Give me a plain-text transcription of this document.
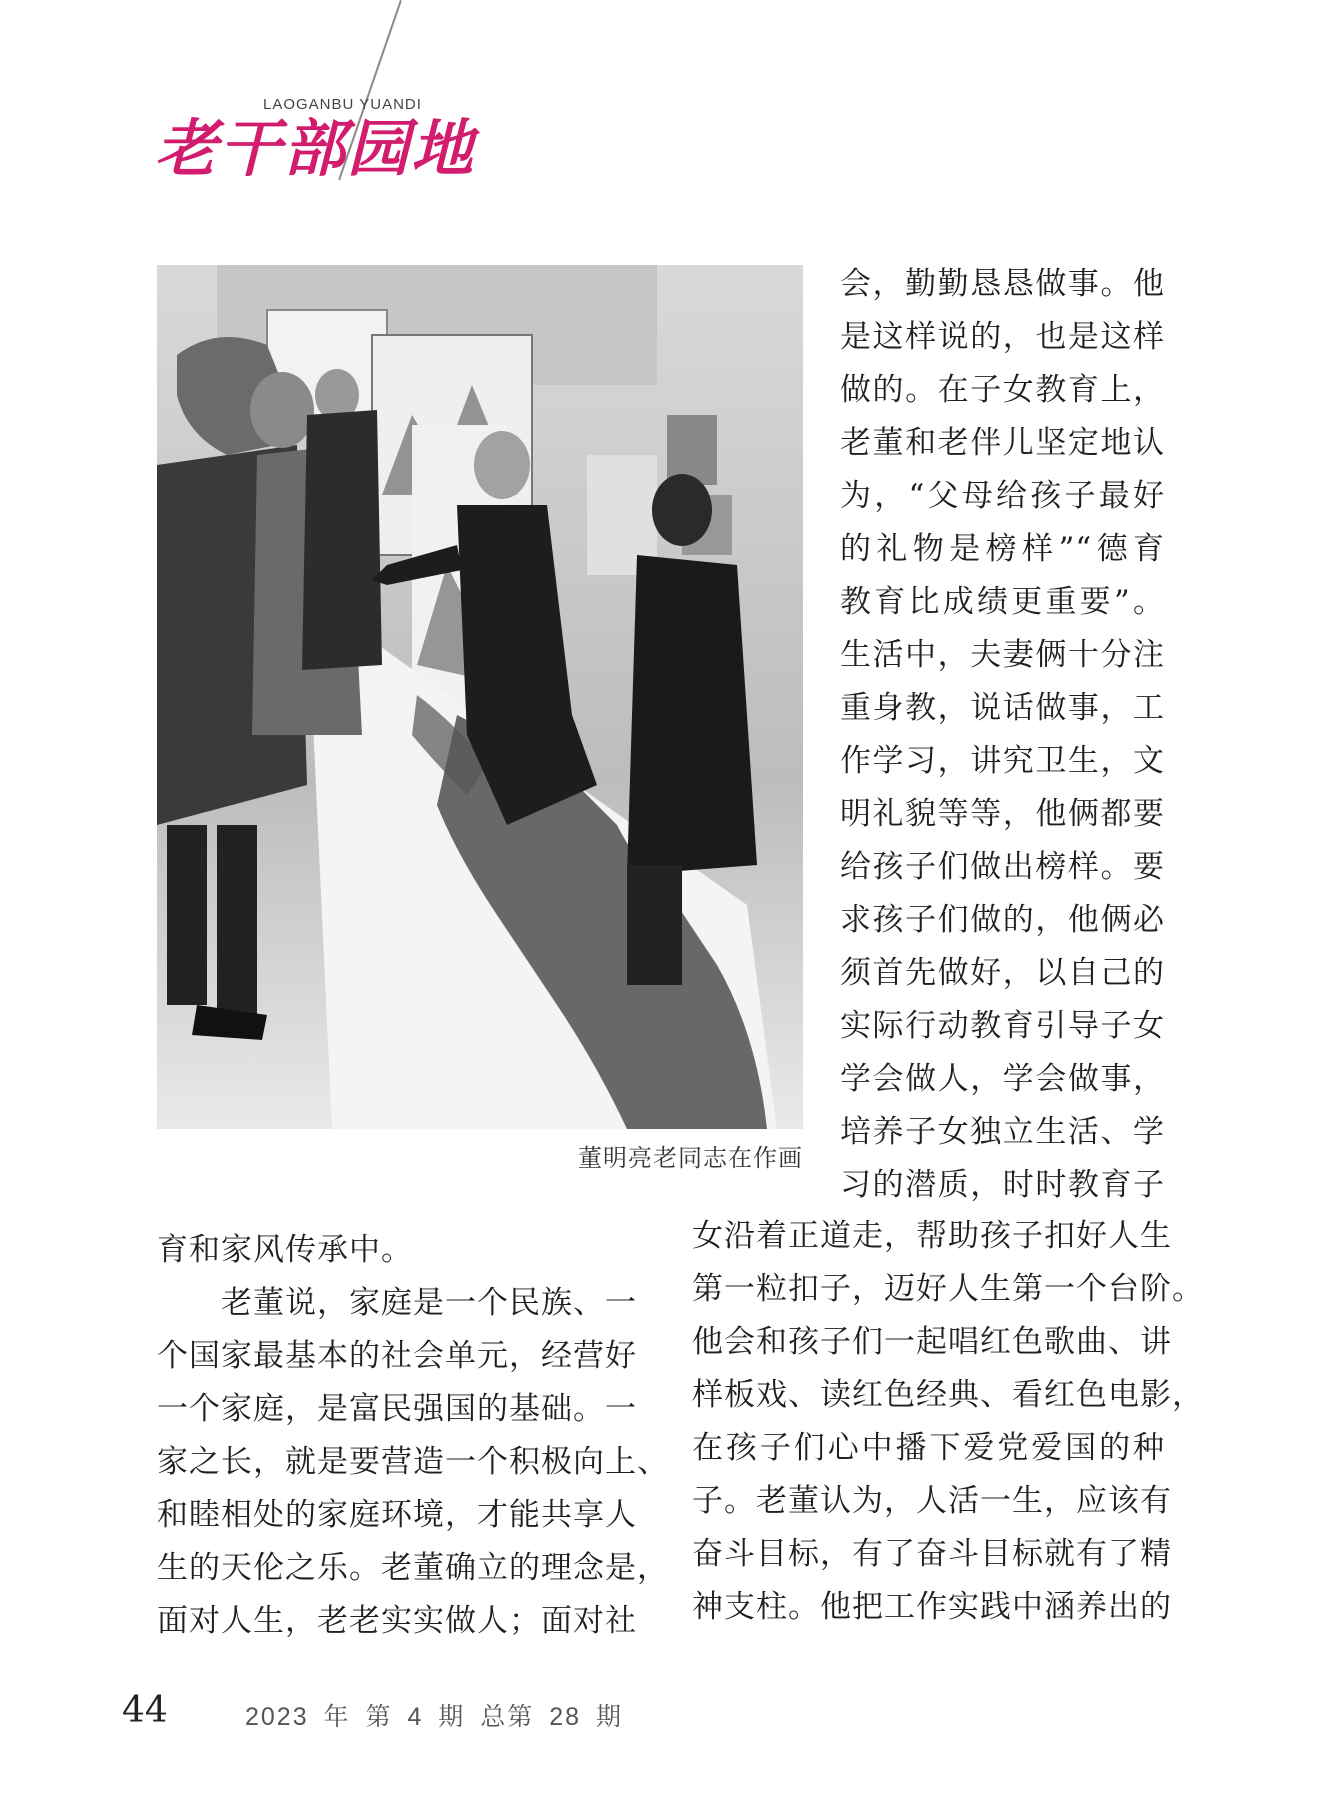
LAOGANBU YUANDI
老干部园地
董明亮老同志在作画
会，勤勤恳恳做事。他
是这样说的，也是这样
做的。在子女教育上，
老董和老伴儿坚定地认
为，“父母给孩子最好
的礼物是榜样”“德育
教育比成绩更重要”。
生活中，夫妻俩十分注
重身教，说话做事，工
作学习，讲究卫生，文
明礼貌等等，他俩都要
给孩子们做出榜样。要
求孩子们做的，他俩必
须首先做好，以自己的
实际行动教育引导子女
学会做人，学会做事，
培养子女独立生活、学
习的潜质，时时教育子
女沿着正道走，帮助孩子扣好人生
第一粒扣子，迈好人生第一个台阶。
他会和孩子们一起唱红色歌曲、讲
样板戏、读红色经典、看红色电影，
在孩子们心中播下爱党爱国的种
子。老董认为，人活一生，应该有
奋斗目标，有了奋斗目标就有了精
神支柱。他把工作实践中涵养出的
育和家风传承中。
　　老董说，家庭是一个民族、一
个国家最基本的社会单元，经营好
一个家庭，是富民强国的基础。一
家之长，就是要营造一个积极向上、
和睦相处的家庭环境，才能共享人
生的天伦之乐。老董确立的理念是，
面对人生，老老实实做人；面对社
44	2023 年 第 4 期 总第 28 期
